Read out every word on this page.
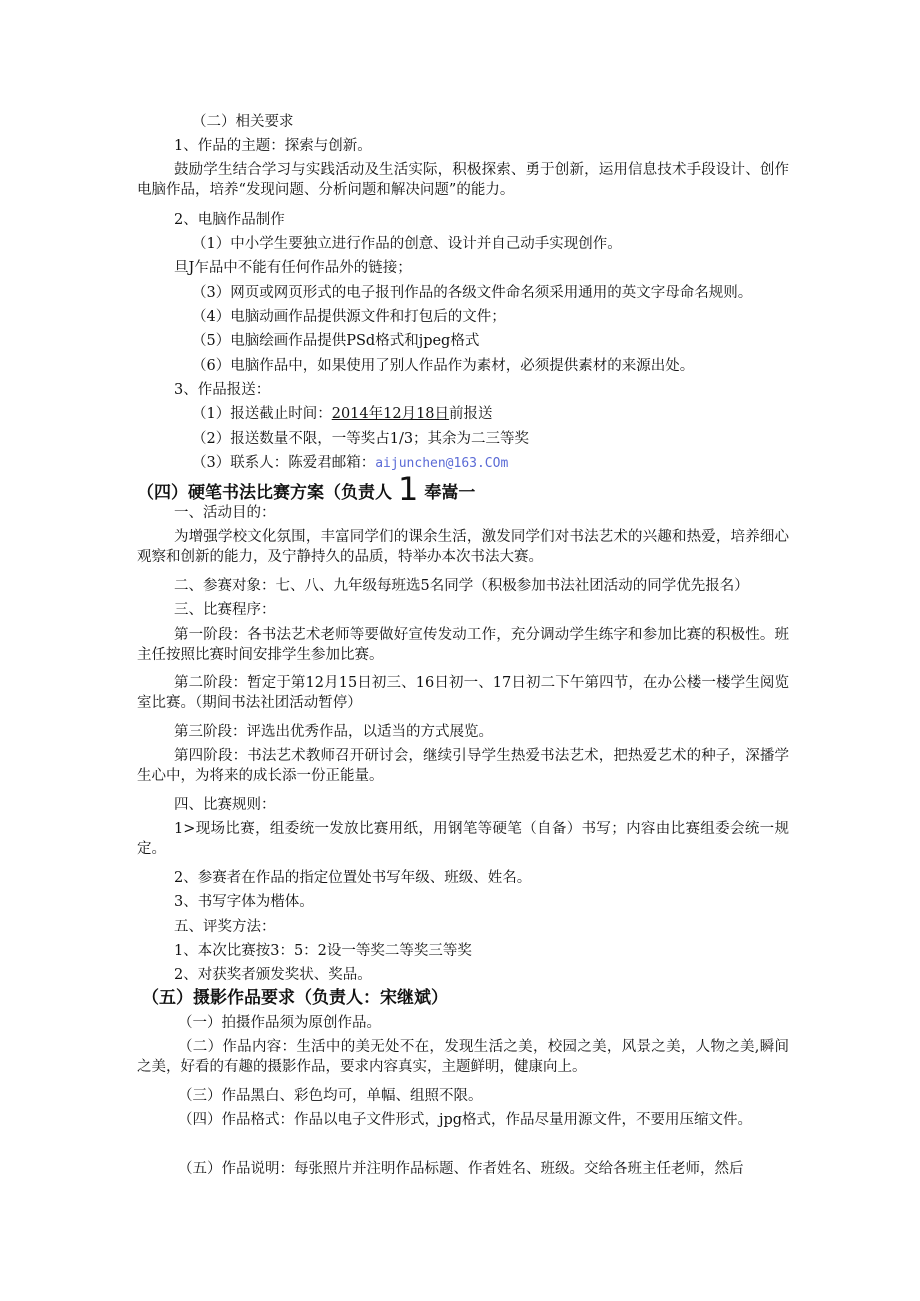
（二）相关要求
1、作品的主题：探索与创新。
鼓励学生结合学习与实践活动及生活实际，积极探索、勇于创新，运用信息技术手段设计、创作电脑作品，培养“发现问题、分析问题和解决问题”的能力。
2、电脑作品制作
（1）中小学生要独立进行作品的创意、设计并自己动手实现创作。
旦J乍品中不能有任何作品外的链接；
（3）网页或网页形式的电子报刊作品的各级文件命名须采用通用的英文字母命名规则。
（4）电脑动画作品提供源文件和打包后的文件；
（5）电脑绘画作品提供PSd格式和jpeg格式
（6）电脑作品中，如果使用了别人作品作为素材，必须提供素材的来源出处。
3、作品报送：
（1）报送截止时间：2014年12月18日前报送
（2）报送数量不限，一等奖占1/3；其余为二三等奖
（3）联系人：陈爱君邮箱：aijunchen@163.COm
（四）硬笔书法比赛方案（负责人 1 奉嵩一
一、活动目的：
为增强学校文化氛围，丰富同学们的课余生活，激发同学们对书法艺术的兴趣和热爱，培养细心观察和创新的能力，及宁静持久的品质，特举办本次书法大赛。
二、参赛对象：七、八、九年级每班选5名同学（积极参加书法社团活动的同学优先报名）
三、比赛程序：
第一阶段：各书法艺术老师等要做好宣传发动工作，充分调动学生练字和参加比赛的积极性。班主任按照比赛时间安排学生参加比赛。
第二阶段：暂定于第12月15日初三、16日初一、17日初二下午第四节，在办公楼一楼学生阅览室比赛。（期间书法社团活动暂停）
第三阶段：评选出优秀作品，以适当的方式展览。
第四阶段：书法艺术教师召开研讨会，继续引导学生热爱书法艺术，把热爱艺术的种子，深播学生心中，为将来的成长添一份正能量。
四、比赛规则：
1>现场比赛，组委统一发放比赛用纸，用钢笔等硬笔（自备）书写；内容由比赛组委会统一规定。
2、参赛者在作品的指定位置处书写年级、班级、姓名。
3、书写字体为楷体。
五、评奖方法：
1、本次比赛按3：5：2设一等奖二等奖三等奖
2、对获奖者颁发奖状、奖品。
（五）摄影作品要求（负责人：宋继斌）
（一）拍摄作品须为原创作品。
（二）作品内容：生活中的美无处不在，发现生活之美，校园之美，风景之美，人物之美,瞬间之美，好看的有趣的摄影作品，要求内容真实，主题鲜明，健康向上。
（三）作品黑白、彩色均可，单幅、组照不限。
（四）作品格式：作品以电子文件形式，jpg格式，作品尽量用源文件，不要用压缩文件。
（五）作品说明：每张照片并注明作品标题、作者姓名、班级。交给各班主任老师，然后
